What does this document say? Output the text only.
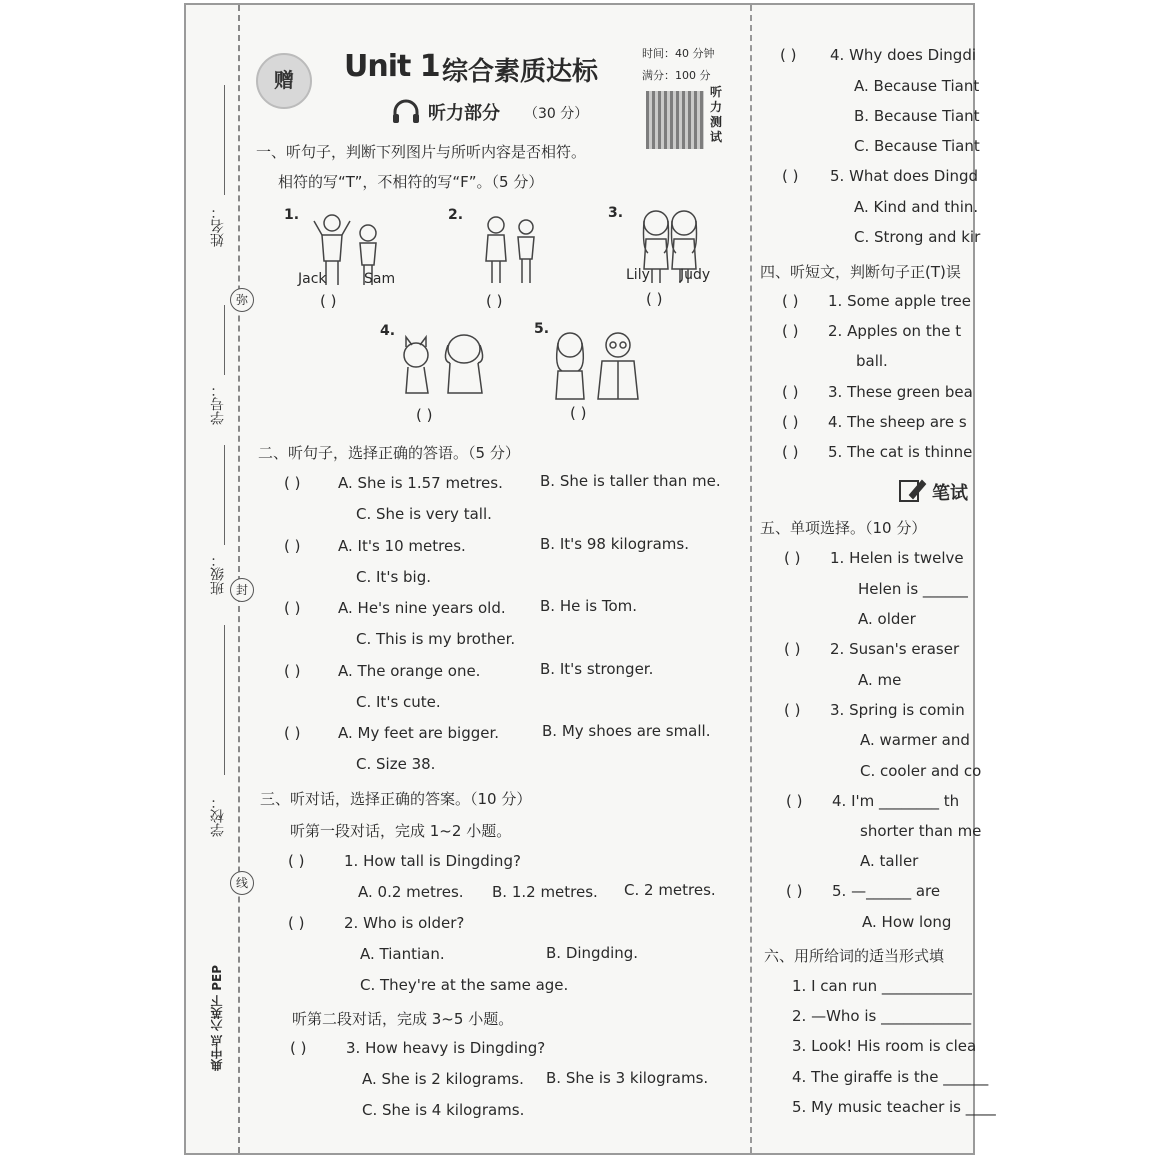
姓名：
学号：
班级：
学校：
弥
封
线
典中点 六英下 PEP
赠	Unit 1 综合素质达标
时间：40 分钟
满分：100 分
听力测试
听力部分 （30 分）
一、听句子，判断下列图片与所听内容是否相符。
相符的写“T”，不相符的写“F”。（5 分）
1.
Jack	Sam
( )
2.
( )
3.
Lily Judy
( )
4.
( )
5.
( )
二、听句子，选择正确的答语。（5 分）
( )	A. She is 1.57 metres. B. She is taller than me.
C. She is very tall.
( )	A. It's 10 metres.	B. It's 98 kilograms.
C. It's big.
( )	A. He's nine years old. B. He is Tom.
C. This is my brother.
( )	A. The orange one.	B. It's stronger.
C. It's cute.
( )	A. My feet are bigger.	B. My shoes are small.
C. Size 38.
三、听对话，选择正确的答案。（10 分）
听第一段对话，完成 1~2 小题。
( )	1. How tall is Dingding?
A. 0.2 metres. B. 1.2 metres. C. 2 metres.
( )	2. Who is older?
A. Tiantian.	B. Dingding.
C. They're at the same age.
听第二段对话，完成 3~5 小题。
( )	3. How heavy is Dingding?
A. She is 2 kilograms. B. She is 3 kilograms.
C. She is 4 kilograms.
( ) 4. Why does Dingdi
A. Because Tiant
B. Because Tiant
C. Because Tiant
( ) 5. What does Dingd
A. Kind and thin.
C. Strong and kir
四、听短文，判断句子正(T)误
( ) 1. Some apple tree
( ) 2. Apples on the t
ball.
( ) 3. These green bea
( ) 4. The sheep are s
( ) 5. The cat is thinne
笔试
五、单项选择。（10 分）
( ) 1. Helen is twelve
Helen is ______
A. older
( ) 2. Susan's eraser
A. me
( ) 3. Spring is comin
A. warmer and
C. cooler and co
( ) 4. I'm ________ th
shorter than me
A. taller
( ) 5. —______ are
A. How long
六、用所给词的适当形式填
1. I can run ____________
2. —Who is ____________
3. Look! His room is clea
4. The giraffe is the ______
5. My music teacher is ____
